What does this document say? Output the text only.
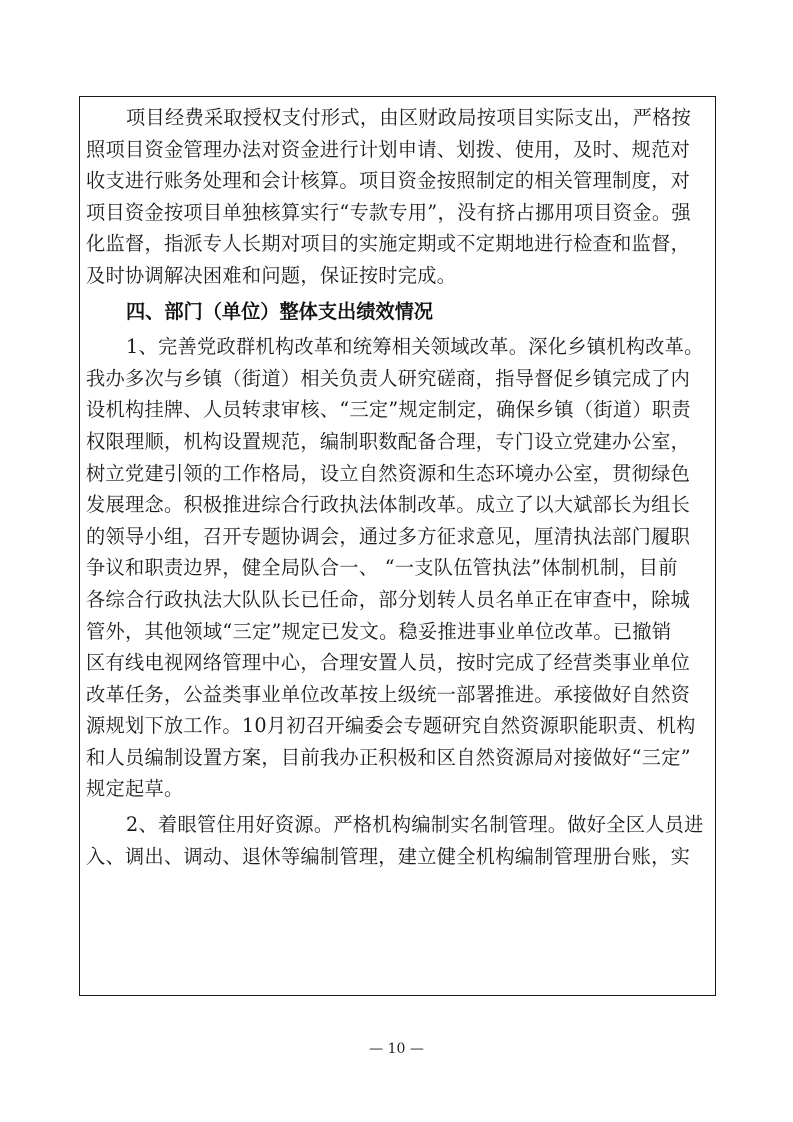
项目经费采取授权支付形式，由区财政局按项目实际支出，严格按
照项目资金管理办法对资金进行计划申请、划拨、使用，及时、规范对
收支进行账务处理和会计核算。项目资金按照制定的相关管理制度，对
项目资金按项目单独核算实行“专款专用”，没有挤占挪用项目资金。强
化监督，指派专人长期对项目的实施定期或不定期地进行检查和监督，
及时协调解决困难和问题，保证按时完成。
四、部门（单位）整体支出绩效情况
1、完善党政群机构改革和统筹相关领域改革。深化乡镇机构改革。
我办多次与乡镇（街道）相关负责人研究磋商，指导督促乡镇完成了内
设机构挂牌、人员转隶审核、“三定”规定制定，确保乡镇（街道）职责
权限理顺，机构设置规范，编制职数配备合理，专门设立党建办公室，
树立党建引领的工作格局，设立自然资源和生态环境办公室，贯彻绿色
发展理念。积极推进综合行政执法体制改革。成立了以大斌部长为组长
的领导小组，召开专题协调会，通过多方征求意见，厘清执法部门履职
争议和职责边界，健全局队合一、 “一支队伍管执法”体制机制，目前
各综合行政执法大队队长已任命，部分划转人员名单正在审查中，除城
管外，其他领域“三定”规定已发文。稳妥推进事业单位改革。已撤销
区有线电视网络管理中心，合理安置人员，按时完成了经营类事业单位
改革任务，公益类事业单位改革按上级统一部署推进。承接做好自然资
源规划下放工作。10月初召开编委会专题研究自然资源职能职责、机构
和人员编制设置方案，目前我办正积极和区自然资源局对接做好“三定”
规定起草。
2、着眼管住用好资源。严格机构编制实名制管理。做好全区人员进
入、调出、调动、退休等编制管理，建立健全机构编制管理册台账，实
— 10 —
